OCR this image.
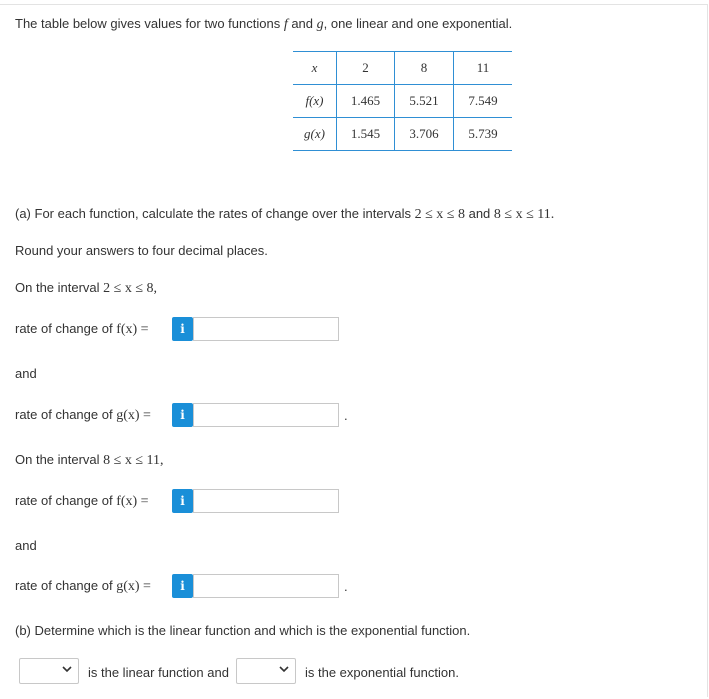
The table below gives values for two functions f and g, one linear and one exponential.
x	2	8	11
f(x)	1.465	5.521	7.549
g(x)	1.545	3.706	5.739
(a) For each function, calculate the rates of change over the intervals 2 ≤ x ≤ 8 and 8 ≤ x ≤ 11.
Round your answers to four decimal places.
On the interval 2 ≤ x ≤ 8,
rate of change of f(x) =	i
and
rate of change of g(x) =	i	.
On the interval 8 ≤ x ≤ 11,
rate of change of f(x) =	i
and
rate of change of g(x) =	i	.
(b) Determine which is the linear function and which is the exponential function.
is the linear function and	is the exponential function.
